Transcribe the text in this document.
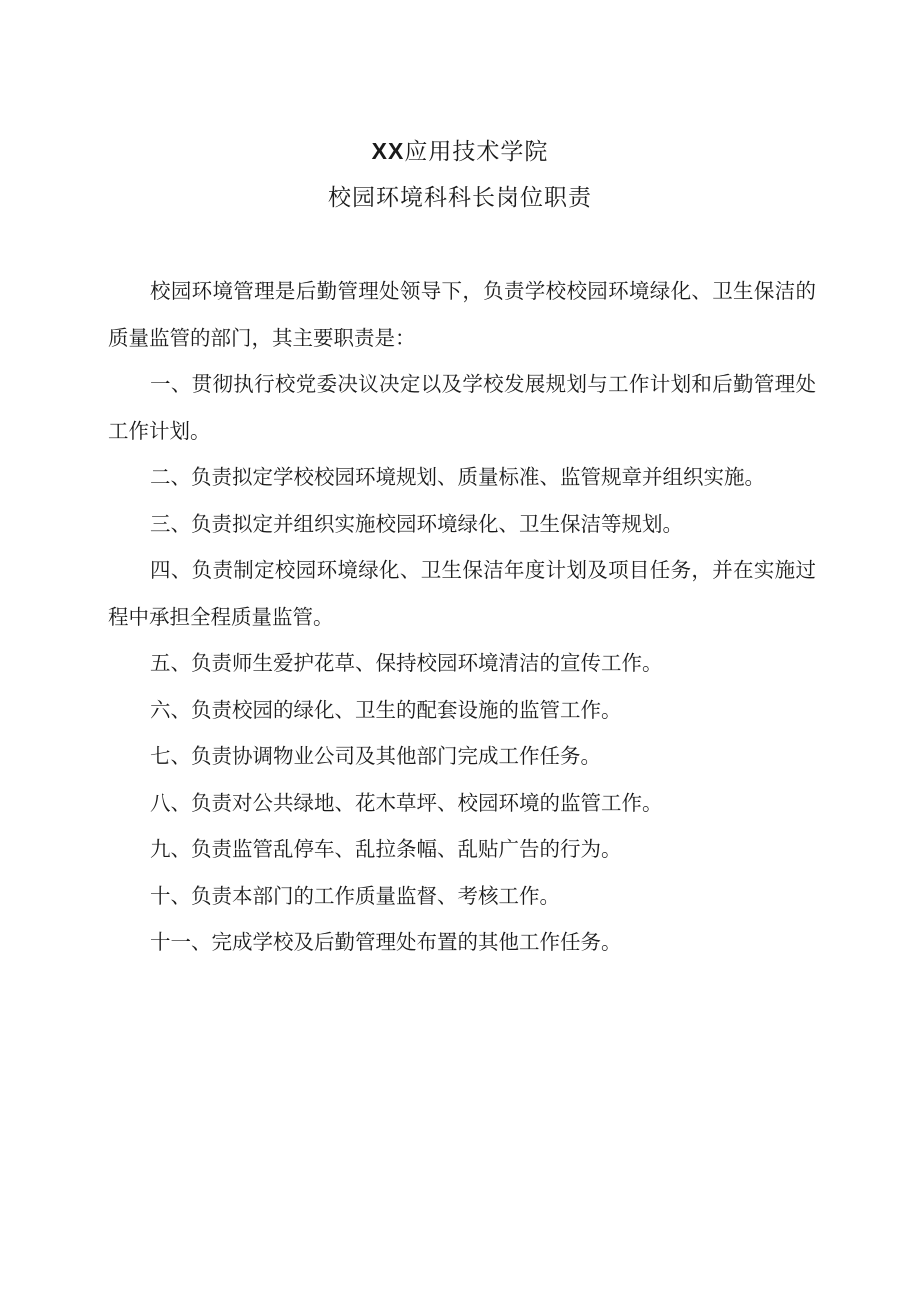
XX应用技术学院
校园环境科科长岗位职责

校园环境管理是后勤管理处领导下，负责学校校园环境绿化、卫生保洁的质量监管的部门，其主要职责是：

一、贯彻执行校党委决议决定以及学校发展规划与工作计划和后勤管理处工作计划。

二、负责拟定学校校园环境规划、质量标准、监管规章并组织实施。

三、负责拟定并组织实施校园环境绿化、卫生保洁等规划。

四、负责制定校园环境绿化、卫生保洁年度计划及项目任务，并在实施过程中承担全程质量监管。

五、负责师生爱护花草、保持校园环境清洁的宣传工作。

六、负责校园的绿化、卫生的配套设施的监管工作。

七、负责协调物业公司及其他部门完成工作任务。

八、负责对公共绿地、花木草坪、校园环境的监管工作。

九、负责监管乱停车、乱拉条幅、乱贴广告的行为。

十、负责本部门的工作质量监督、考核工作。

十一、完成学校及后勤管理处布置的其他工作任务。
